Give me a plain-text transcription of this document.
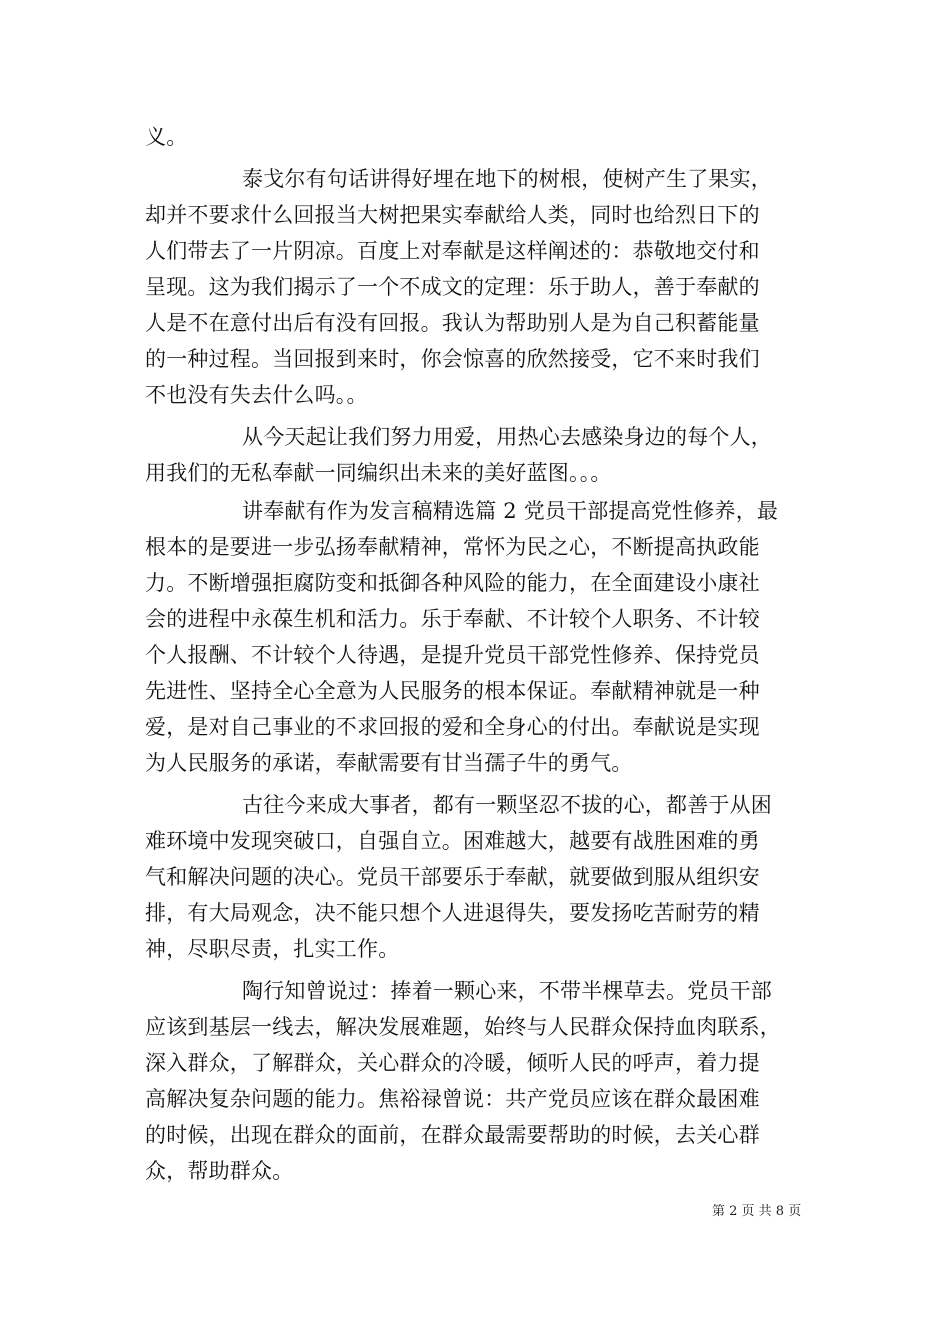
义。
泰戈尔有句话讲得好埋在地下的树根，使树产生了果实，
却并不要求什么回报当大树把果实奉献给人类，同时也给烈日下的
人们带去了一片阴凉。百度上对奉献是这样阐述的：恭敬地交付和
呈现。这为我们揭示了一个不成文的定理：乐于助人，善于奉献的
人是不在意付出后有没有回报。我认为帮助别人是为自己积蓄能量
的一种过程。当回报到来时，你会惊喜的欣然接受，它不来时我们
不也没有失去什么吗。。
从今天起让我们努力用爱，用热心去感染身边的每个人，
用我们的无私奉献一同编织出未来的美好蓝图。。。
讲奉献有作为发言稿精选篇 2 党员干部提高党性修养，最
根本的是要进一步弘扬奉献精神，常怀为民之心，不断提高执政能
力。不断增强拒腐防变和抵御各种风险的能力，在全面建设小康社
会的进程中永葆生机和活力。乐于奉献、不计较个人职务、不计较
个人报酬、不计较个人待遇，是提升党员干部党性修养、保持党员
先进性、坚持全心全意为人民服务的根本保证。奉献精神就是一种
爱，是对自己事业的不求回报的爱和全身心的付出。奉献说是实现
为人民服务的承诺，奉献需要有甘当孺子牛的勇气。
古往今来成大事者，都有一颗坚忍不拔的心，都善于从困
难环境中发现突破口，自强自立。困难越大，越要有战胜困难的勇
气和解决问题的决心。党员干部要乐于奉献，就要做到服从组织安
排，有大局观念，决不能只想个人进退得失，要发扬吃苦耐劳的精
神，尽职尽责，扎实工作。
陶行知曾说过：捧着一颗心来，不带半棵草去。党员干部
应该到基层一线去，解决发展难题，始终与人民群众保持血肉联系，
深入群众，了解群众，关心群众的冷暖，倾听人民的呼声，着力提
高解决复杂问题的能力。焦裕禄曾说：共产党员应该在群众最困难
的时候，出现在群众的面前，在群众最需要帮助的时候，去关心群
众，帮助群众。
第 2 页 共 8 页
